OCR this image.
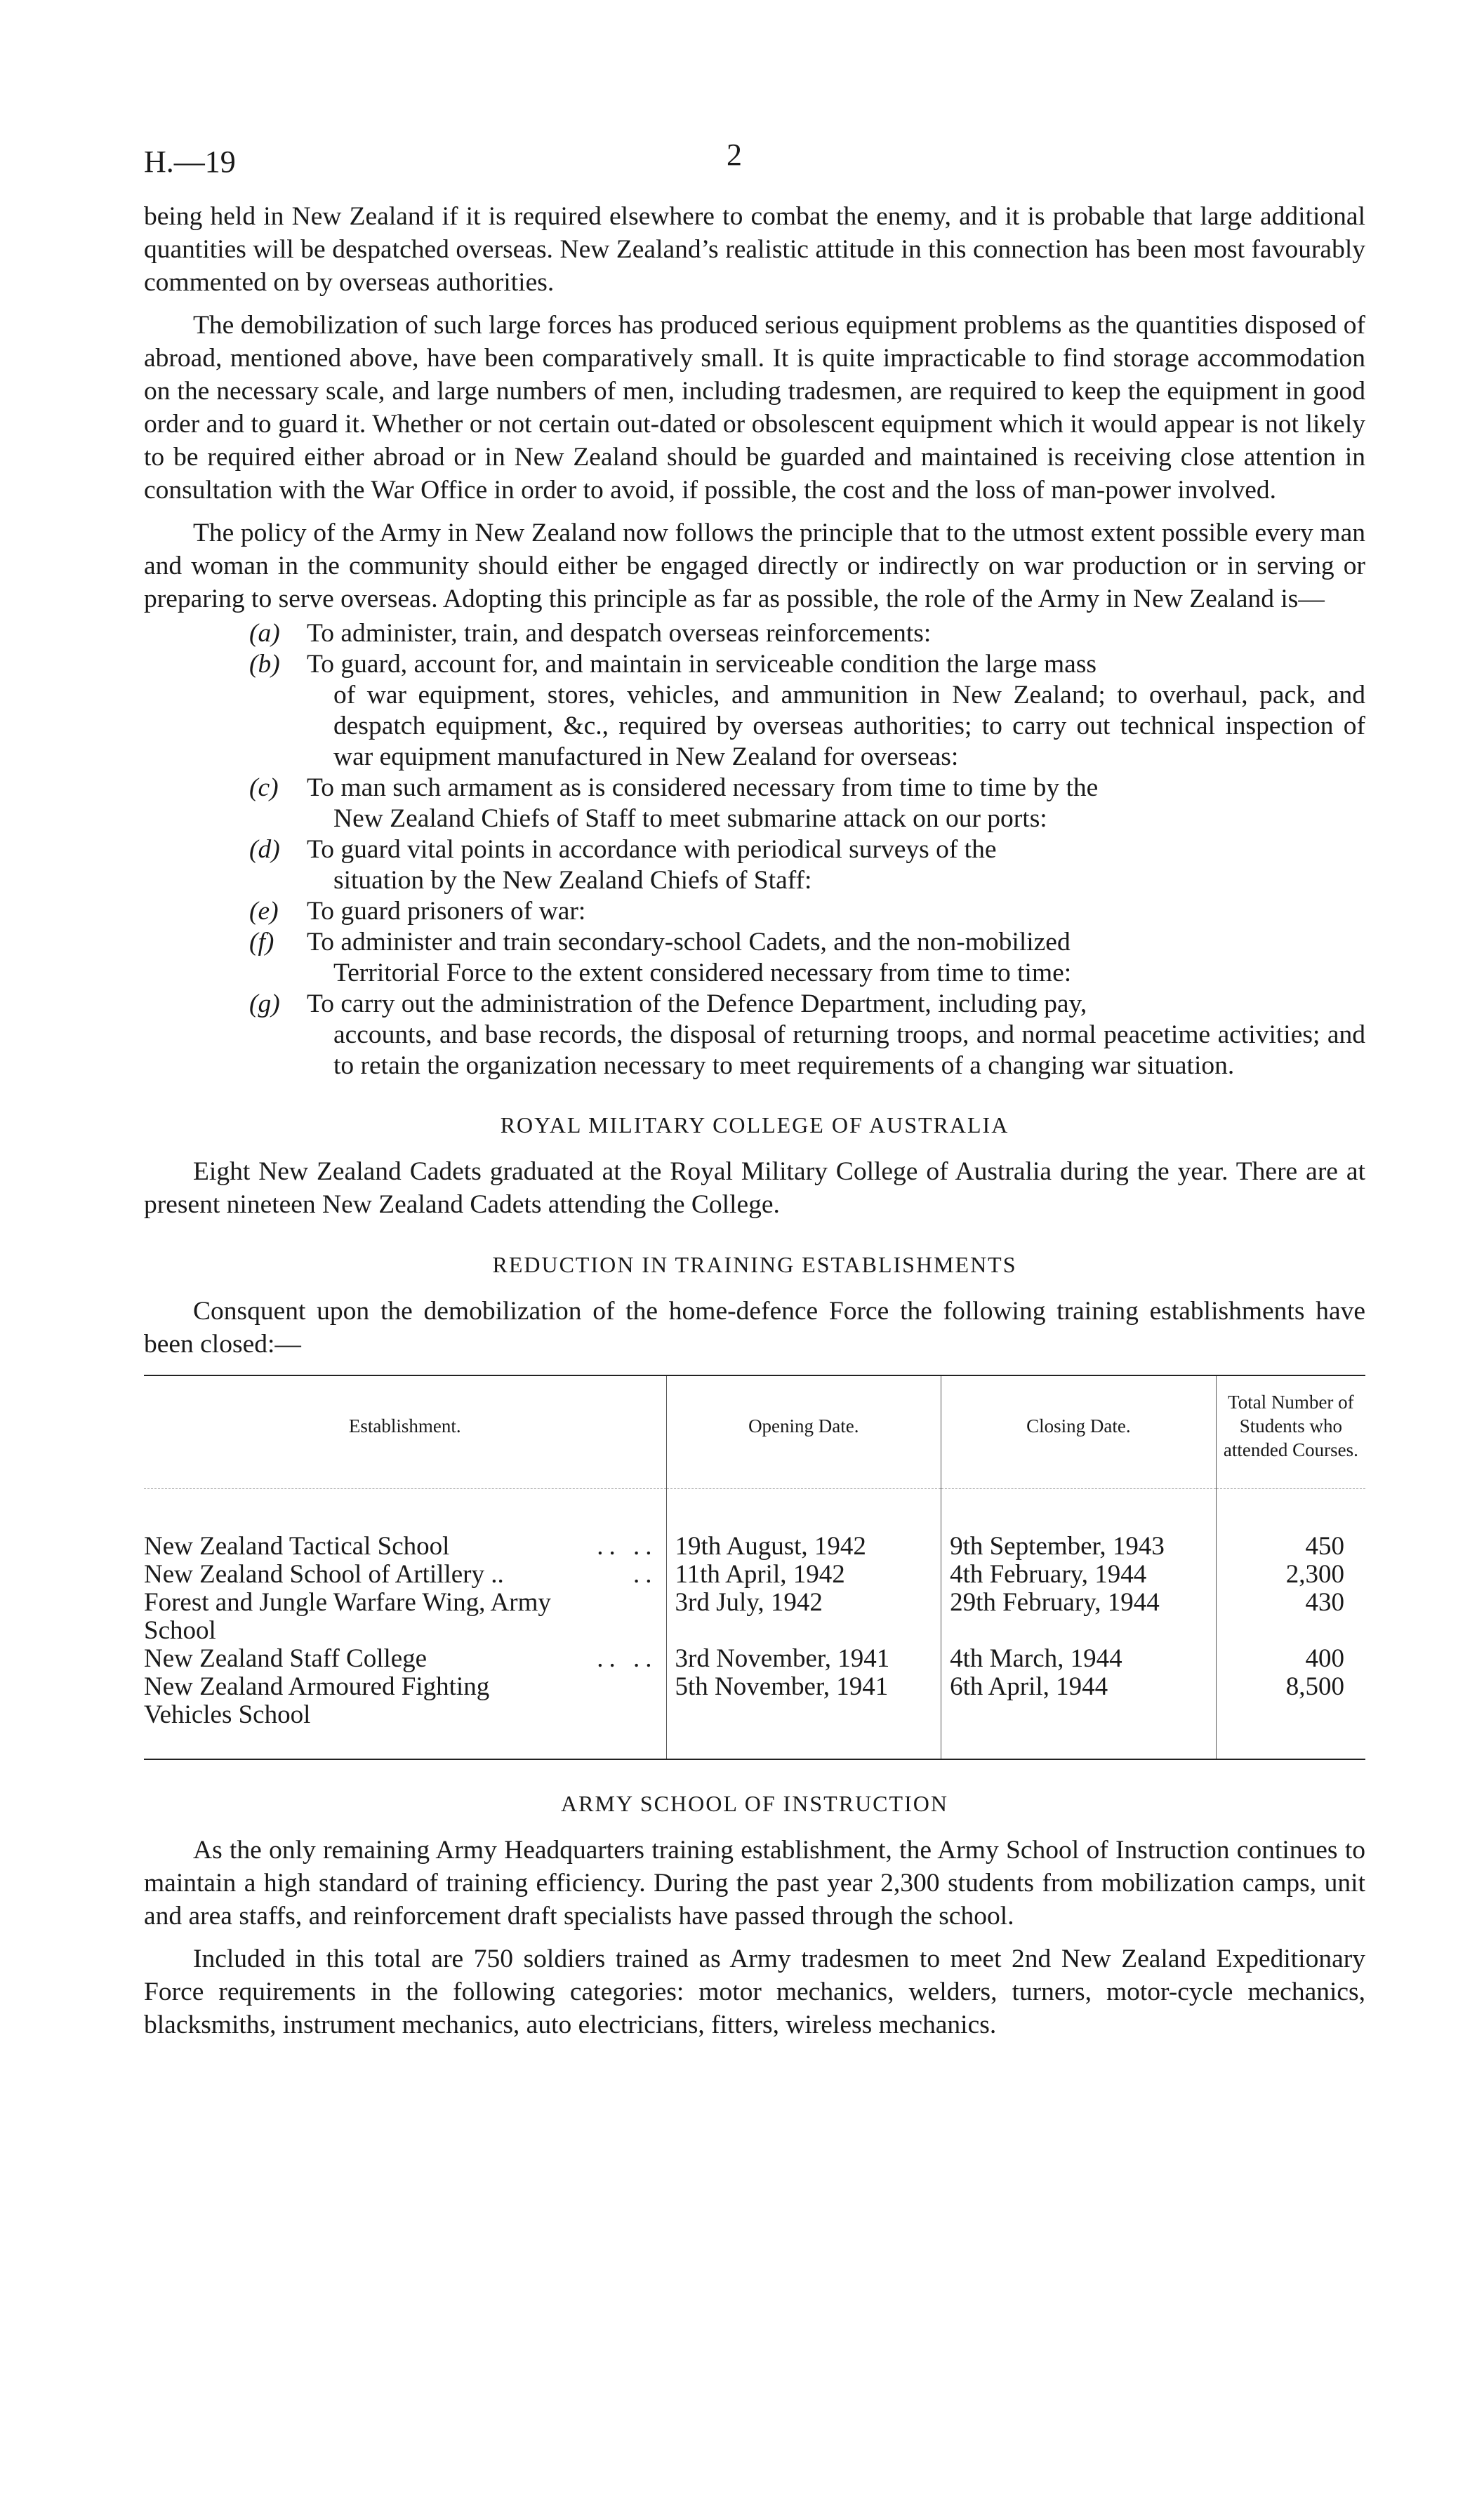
H.—19	2

being held in New Zealand if it is required elsewhere to combat the enemy, and it is probable that large additional quantities will be despatched overseas. New Zealand’s realistic attitude in this connection has been most favourably commented on by overseas authorities.

The demobilization of such large forces has produced serious equipment problems as the quantities disposed of abroad, mentioned above, have been comparatively small. It is quite impracticable to find storage accommodation on the necessary scale, and large numbers of men, including tradesmen, are required to keep the equipment in good order and to guard it. Whether or not certain out-dated or obsolescent equipment which it would appear is not likely to be required either abroad or in New Zealand should be guarded and maintained is receiving close attention in consultation with the War Office in order to avoid, if possible, the cost and the loss of man-power involved.

The policy of the Army in New Zealand now follows the principle that to the utmost extent possible every man and woman in the community should either be engaged directly or indirectly on war production or in serving or preparing to serve overseas. Adopting this principle as far as possible, the role of the Army in New Zealand is—

(a)	To administer, train, and despatch overseas reinforcements:
(b)	To guard, account for, and maintain in serviceable condition the large mass
of war equipment, stores, vehicles, and ammunition in New Zealand; to overhaul, pack, and despatch equipment, &c., required by overseas authorities; to carry out technical inspection of war equipment manufactured in New Zealand for overseas:
(c)	To man such armament as is considered necessary from time to time by the
New Zealand Chiefs of Staff to meet submarine attack on our ports:
(d)	To guard vital points in accordance with periodical surveys of the
situation by the New Zealand Chiefs of Staff:
(e)	To guard prisoners of war:
(f)	To administer and train secondary-school Cadets, and the non-mobilized
Territorial Force to the extent considered necessary from time to time:
(g)	To carry out the administration of the Defence Department, including pay,
accounts, and base records, the disposal of returning troops, and normal peacetime activities; and to retain the organization necessary to meet requirements of a changing war situation.
ROYAL MILITARY COLLEGE OF AUSTRALIA

Eight New Zealand Cadets graduated at the Royal Military College of Australia during the year. There are at present nineteen New Zealand Cadets attending the College.

REDUCTION IN TRAINING ESTABLISHMENTS

Consquent upon the demobilization of the home-defence Force the following training establishments have been closed:—

Establishment.	Opening Date.	Closing Date.	Total Number of Students who attended Courses.

New Zealand Tactical School .. ..	19th August, 1942	9th September, 1943	450

New Zealand School of Artillery .. ..	11th April, 1942	4th February, 1944	2,300

Forest and Jungle Warfare Wing, Army School	3rd July, 1942	29th February, 1944	430

New Zealand Staff College .. ..	3rd November, 1941	4th March, 1944	400

New Zealand Armoured Fighting Vehicles School	5th November, 1941	6th April, 1944	8,500
ARMY SCHOOL OF INSTRUCTION

As the only remaining Army Headquarters training establishment, the Army School of Instruction continues to maintain a high standard of training efficiency. During the past year 2,300 students from mobilization camps, unit and area staffs, and reinforcement draft specialists have passed through the school.

Included in this total are 750 soldiers trained as Army tradesmen to meet 2nd New Zealand Expeditionary Force requirements in the following categories: motor mechanics, welders, turners, motor-cycle mechanics, blacksmiths, instrument mechanics, auto electricians, fitters, wireless mechanics.
